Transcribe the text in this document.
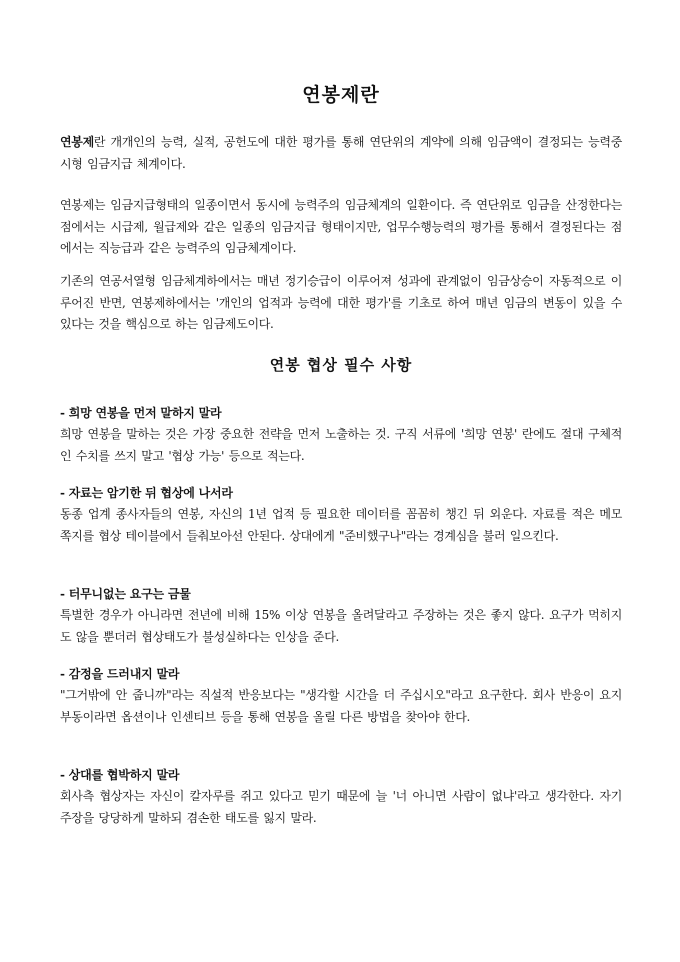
연봉제란

연봉제란 개개인의 능력, 실적, 공헌도에 대한 평가를 통해 연단위의 계약에 의해 임금액이 결정되는 능력중시형 임금지급 체계이다.

연봉제는 임금지급형태의 일종이면서 동시에 능력주의 임금체계의 일환이다. 즉 연단위로 임금을 산정한다는 점에서는 시급제, 월급제와 같은 일종의 임금지급 형태이지만, 업무수행능력의 평가를 통해서 결정된다는 점에서는 직능급과 같은 능력주의 임금체계이다.

기존의 연공서열형 임금체계하에서는 매년 정기승급이 이루어져 성과에 관계없이 임금상승이 자동적으로 이루어진 반면, 연봉제하에서는 '개인의 업적과 능력에 대한 평가'를 기초로 하여 매년 임금의 변동이 있을 수 있다는 것을 핵심으로 하는 임금제도이다.

연봉 협상 필수 사항

- 희망 연봉을 먼저 말하지 말라

희망 연봉을 말하는 것은 가장 중요한 전략을 먼저 노출하는 것. 구직 서류에 '희망 연봉' 란에도 절대 구체적인 수치를 쓰지 말고 '협상 가능' 등으로 적는다.

- 자료는 암기한 뒤 협상에 나서라

동종 업계 종사자들의 연봉, 자신의 1년 업적 등 필요한 데이터를 꼼꼼히 챙긴 뒤 외운다. 자료를 적은 메모 쪽지를 협상 테이블에서 들춰보아선 안된다. 상대에게 "준비했구나"라는 경계심을 불러 일으킨다.

- 터무니없는 요구는 금물

특별한 경우가 아니라면 전년에 비해 15% 이상 연봉을 올려달라고 주장하는 것은 좋지 않다. 요구가 먹히지도 않을 뿐더러 협상태도가 불성실하다는 인상을 준다.

- 감정을 드러내지 말라

"그거밖에 안 줍니까"라는 직설적 반응보다는 "생각할 시간을 더 주십시오"라고 요구한다. 회사 반응이 요지부동이라면 옵션이나 인센티브 등을 통해 연봉을 올릴 다른 방법을 찾아야 한다.

- 상대를 협박하지 말라

회사측 협상자는 자신이 칼자루를 쥐고 있다고 믿기 때문에 늘 '너 아니면 사람이 없냐'라고 생각한다. 자기 주장을 당당하게 말하되 겸손한 태도를 잃지 말라.
